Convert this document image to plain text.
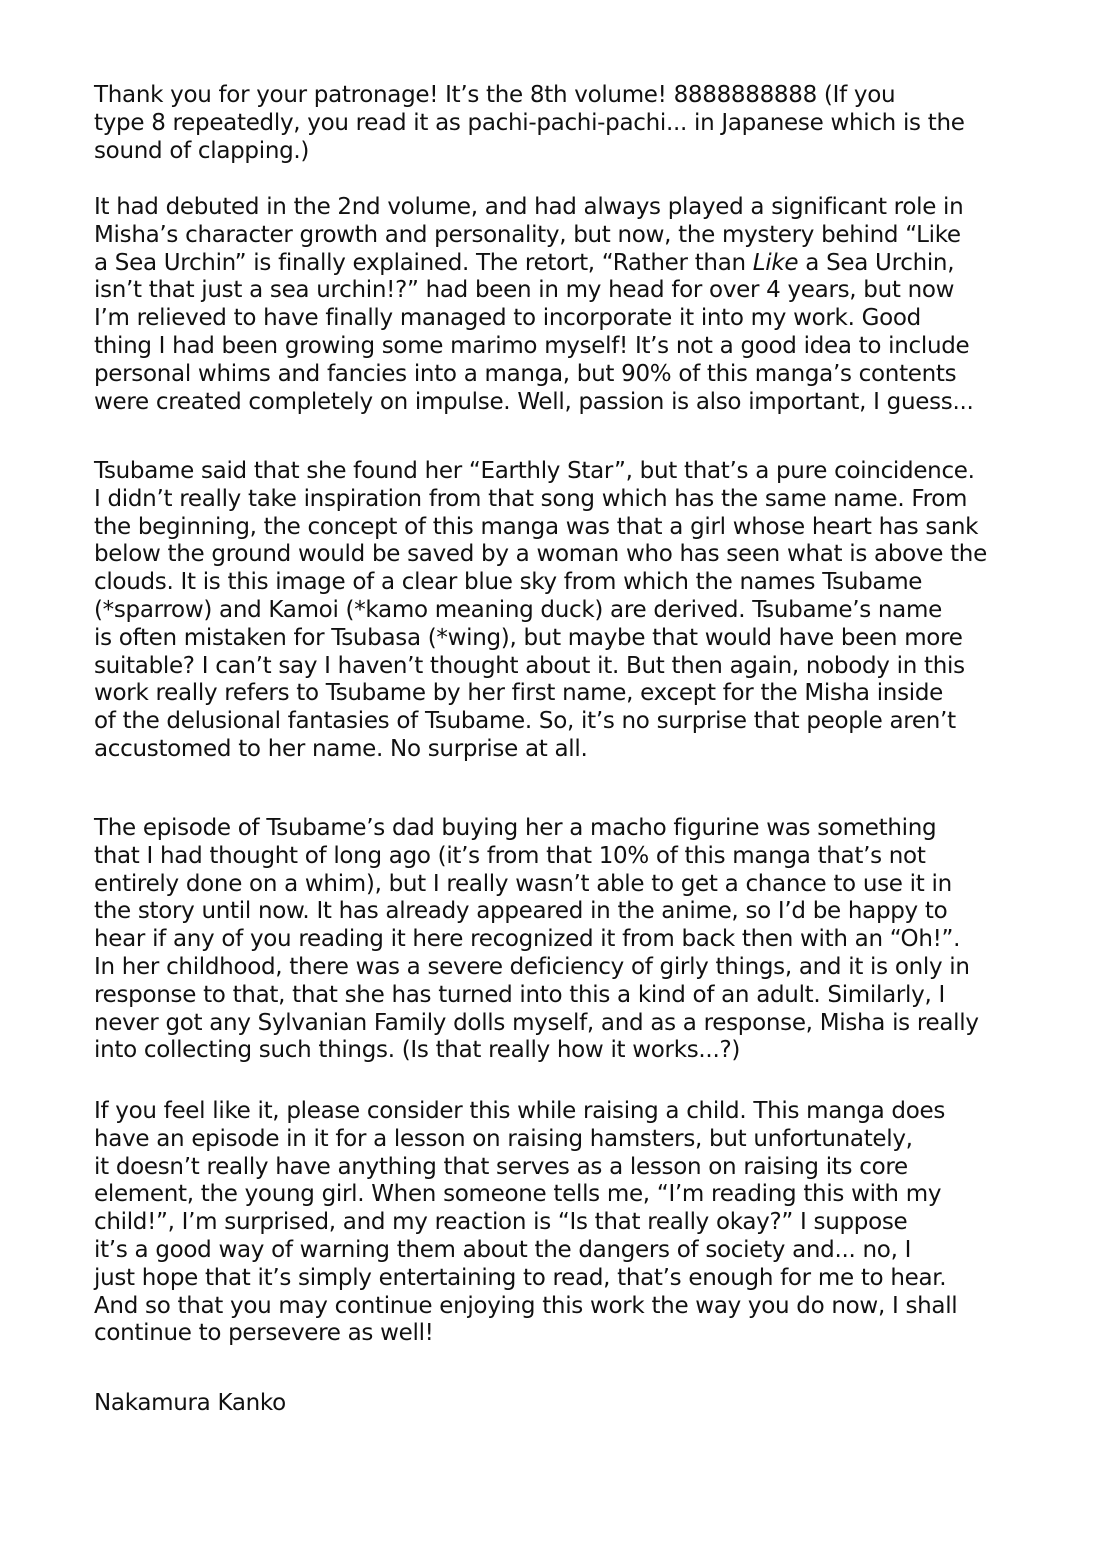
Thank you for your patronage! It’s the 8th volume! 8888888888 (If you
type 8 repeatedly, you read it as pachi-pachi-pachi... in Japanese which is the
sound of clapping.)

It had debuted in the 2nd volume, and had always played a significant role in
Misha’s character growth and personality, but now, the mystery behind “Like
a Sea Urchin” is finally explained. The retort, “Rather than Like a Sea Urchin,
isn’t that just a sea urchin!?” had been in my head for over 4 years, but now
I’m relieved to have finally managed to incorporate it into my work. Good
thing I had been growing some marimo myself! It’s not a good idea to include
personal whims and fancies into a manga, but 90% of this manga’s contents
were created completely on impulse. Well, passion is also important, I guess...

Tsubame said that she found her “Earthly Star”, but that’s a pure coincidence.
I didn’t really take inspiration from that song which has the same name. From
the beginning, the concept of this manga was that a girl whose heart has sank
below the ground would be saved by a woman who has seen what is above the
clouds. It is this image of a clear blue sky from which the names Tsubame
(*sparrow) and Kamoi (*kamo meaning duck) are derived. Tsubame’s name
is often mistaken for Tsubasa (*wing), but maybe that would have been more
suitable? I can’t say I haven’t thought about it. But then again, nobody in this
work really refers to Tsubame by her first name, except for the Misha inside
of the delusional fantasies of Tsubame. So, it’s no surprise that people aren’t
accustomed to her name. No surprise at all.

The episode of Tsubame’s dad buying her a macho figurine was something
that I had thought of long ago (it’s from that 10% of this manga that’s not
entirely done on a whim), but I really wasn’t able to get a chance to use it in
the story until now. It has already appeared in the anime, so I’d be happy to
hear if any of you reading it here recognized it from back then with an “Oh!”.
In her childhood, there was a severe deficiency of girly things, and it is only in
response to that, that she has turned into this a kind of an adult. Similarly, I
never got any Sylvanian Family dolls myself, and as a response, Misha is really
into collecting such things. (Is that really how it works...?)

If you feel like it, please consider this while raising a child. This manga does
have an episode in it for a lesson on raising hamsters, but unfortunately,
it doesn’t really have anything that serves as a lesson on raising its core
element, the young girl. When someone tells me, “I’m reading this with my
child!”, I’m surprised, and my reaction is “Is that really okay?” I suppose
it’s a good way of warning them about the dangers of society and... no, I
just hope that it’s simply entertaining to read, that’s enough for me to hear.
And so that you may continue enjoying this work the way you do now, I shall
continue to persevere as well!

Nakamura Kanko
